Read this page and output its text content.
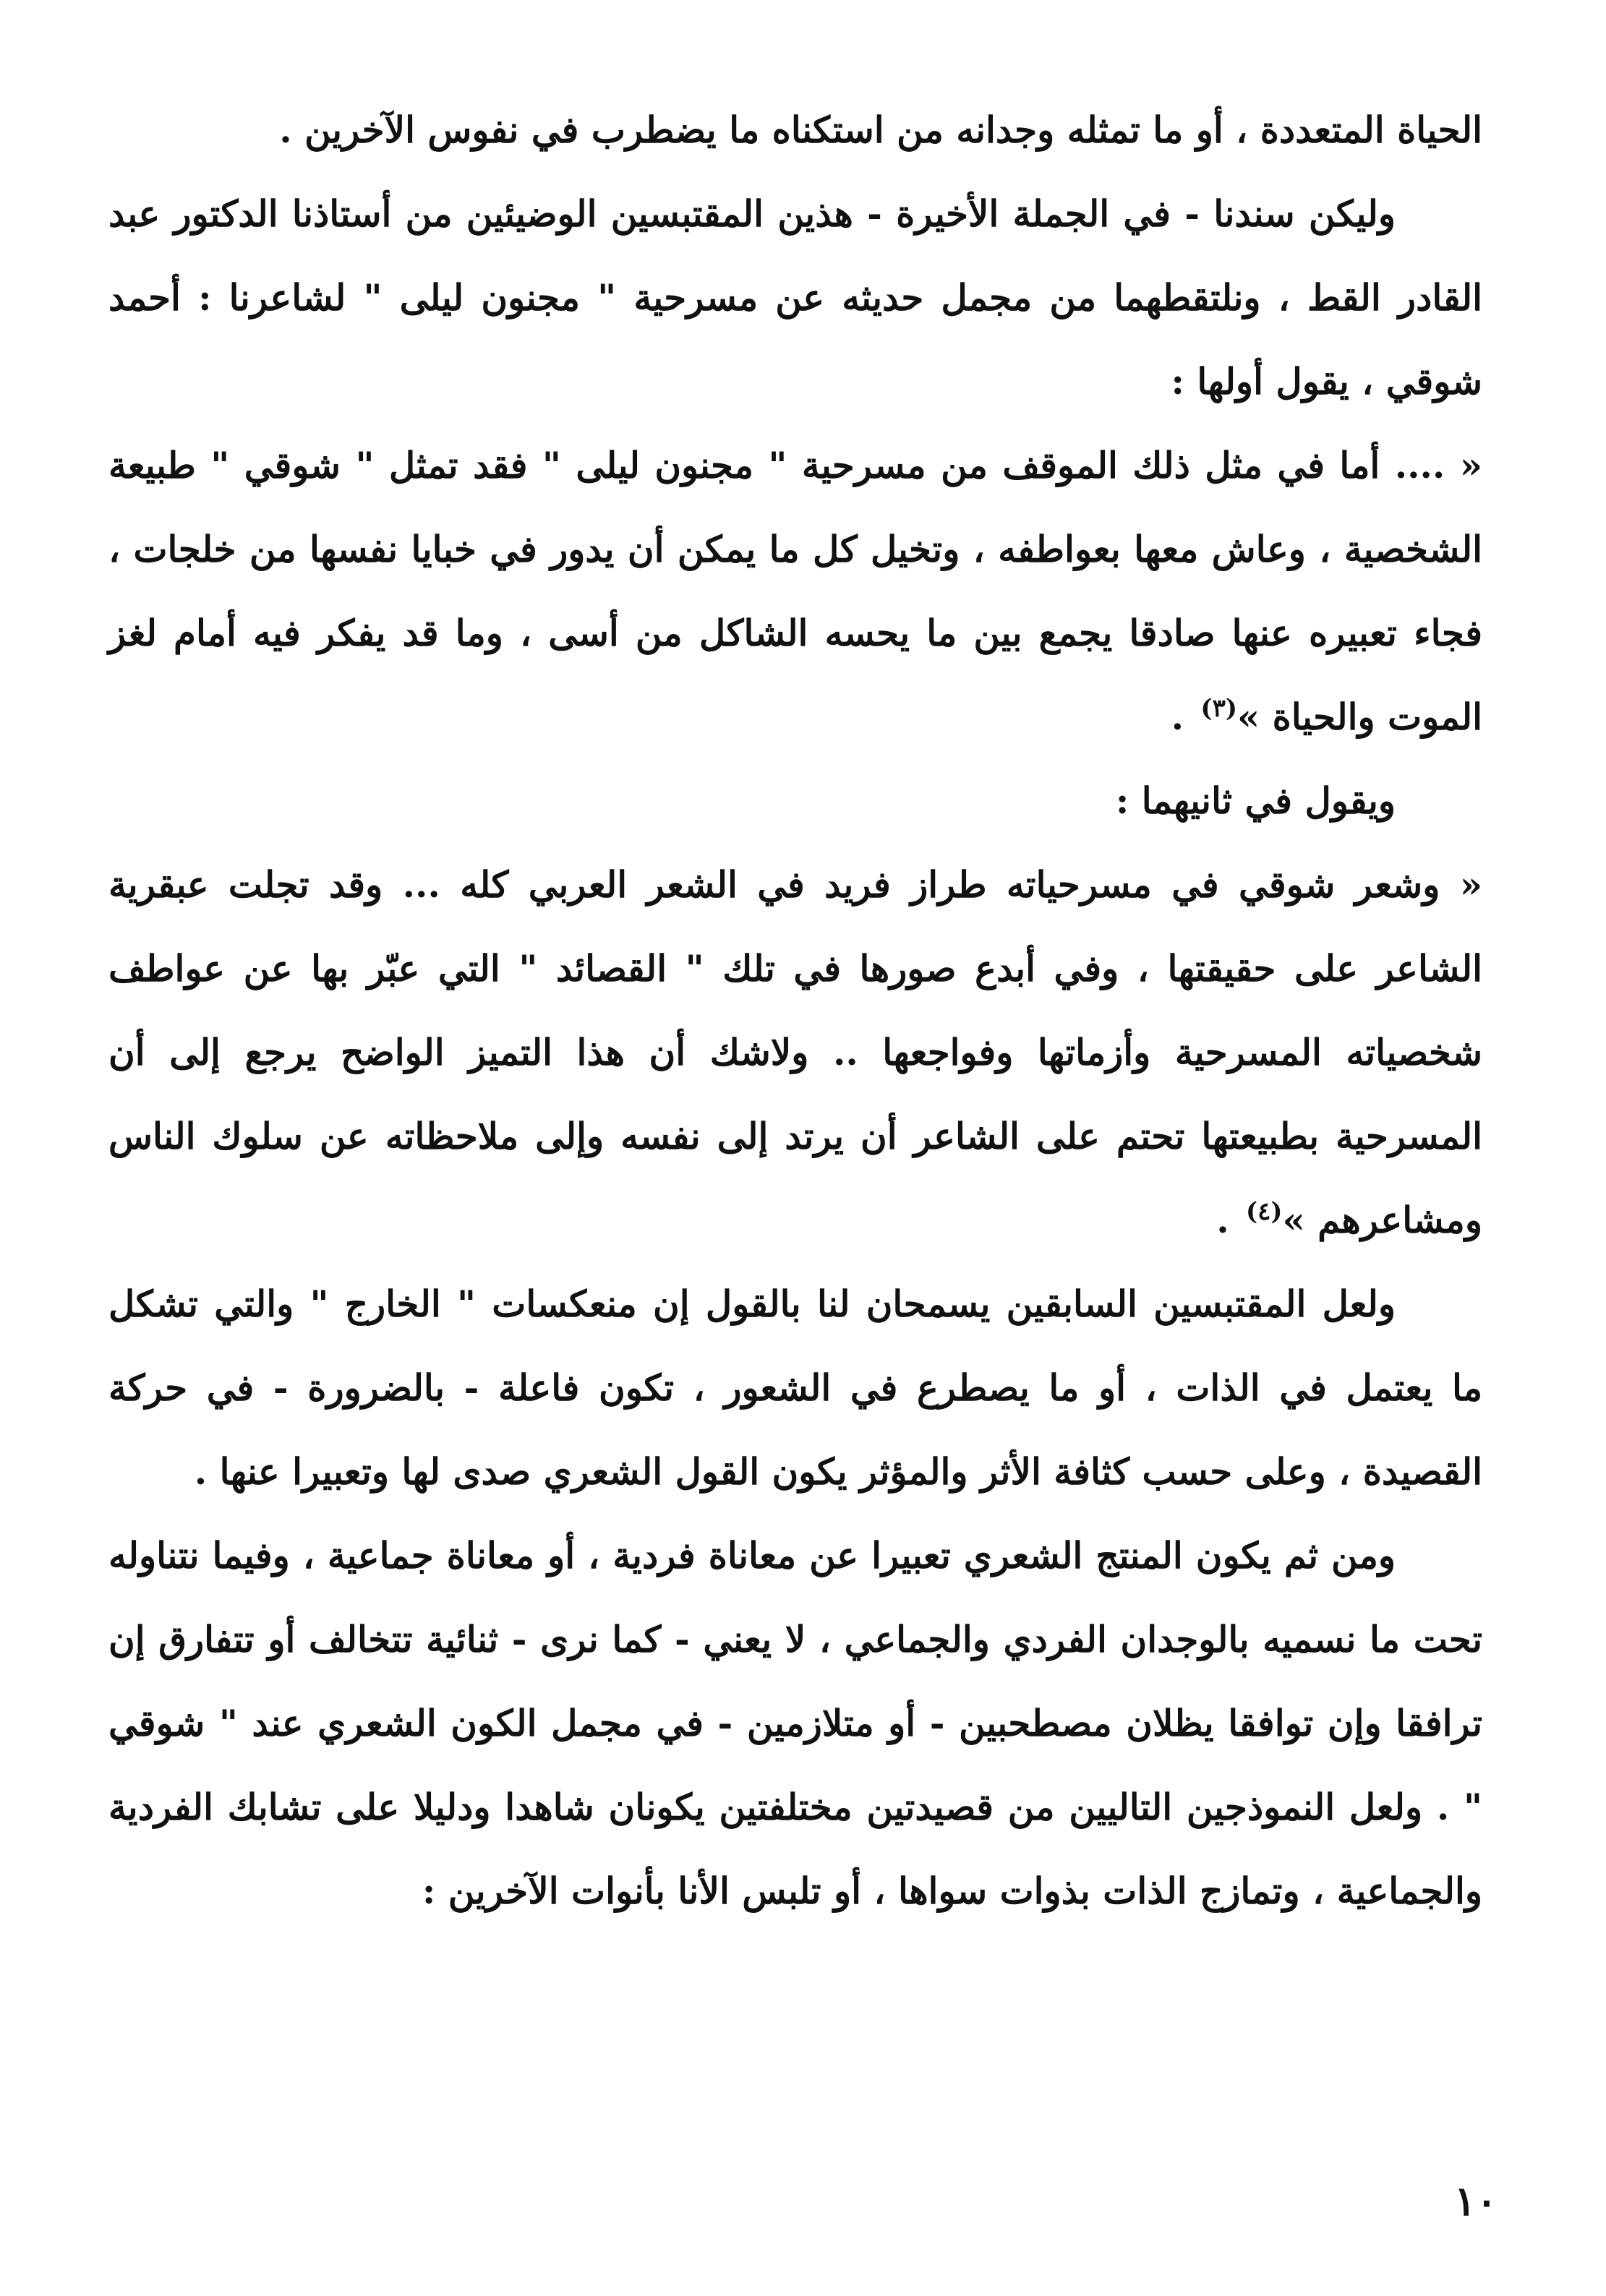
الحياة المتعددة ، أو ما تمثله وجدانه من استكناه ما يضطرب في نفوس الآخرين .

وليكن سندنا - في الجملة الأخيرة - هذين المقتبسين الوضيئين من أستاذنا الدكتور عبد القادر القط ، ونلتقطهما من مجمل حديثه عن مسرحية " مجنون ليلى " لشاعرنا : أحمد شوقي ، يقول أولها :

« .... أما في مثل ذلك الموقف من مسرحية " مجنون ليلى " فقد تمثل " شوقي " طبيعة الشخصية ، وعاش معها بعواطفه ، وتخيل كل ما يمكن أن يدور في خبايا نفسها من خلجات ، فجاء تعبيره عنها صادقا يجمع بين ما يحسه الشاكل من أسى ، وما قد يفكر فيه أمام لغز الموت والحياة »$^{(٣)}$ .

ويقول في ثانيهما :

« وشعر شوقي في مسرحياته طراز فريد في الشعر العربي كله ... وقد تجلت عبقرية الشاعر على حقيقتها ، وفي أبدع صورها في تلك " القصائد " التي عبّر بها عن عواطف شخصياته المسرحية وأزماتها وفواجعها .. ولاشك أن هذا التميز الواضح يرجع إلى أن المسرحية بطبيعتها تحتم على الشاعر أن يرتد إلى نفسه وإلى ملاحظاته عن سلوك الناس ومشاعرهم »$^{(٤)}$ .

ولعل المقتبسين السابقين يسمحان لنا بالقول إن منعكسات " الخارج " والتي تشكل ما يعتمل في الذات ، أو ما يصطرع في الشعور ، تكون فاعلة - بالضرورة - في حركة القصيدة ، وعلى حسب كثافة الأثر والمؤثر يكون القول الشعري صدى لها وتعبيرا عنها .

ومن ثم يكون المنتج الشعري تعبيرا عن معاناة فردية ، أو معاناة جماعية ، وفيما نتناوله تحت ما نسميه بالوجدان الفردي والجماعي ، لا يعني - كما نرى - ثنائية تتخالف أو تتفارق إن ترافقا وإن توافقا يظلان مصطحبين - أو متلازمين - في مجمل الكون الشعري عند " شوقي " . ولعل النموذجين التاليين من قصيدتين مختلفتين يكونان شاهدا ودليلا على تشابك الفردية والجماعية ، وتمازج الذات بذوات سواها ، أو تلبس الأنا بأنوات الآخرين :

١٠
